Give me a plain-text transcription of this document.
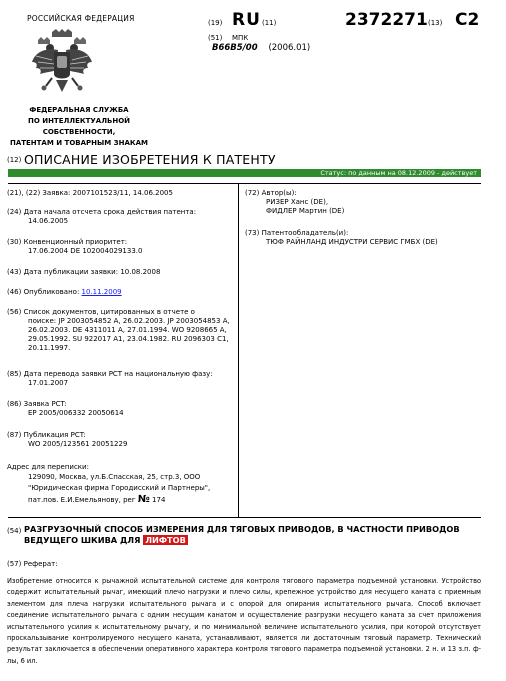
РОССИЙСКАЯ ФЕДЕРАЦИЯ
ФЕДЕРАЛЬНАЯ СЛУЖБА
ПО ИНТЕЛЛЕКТУАЛЬНОЙ СОБСТВЕННОСТИ,
ПАТЕНТАМ И ТОВАРНЫМ ЗНАКАМ
(19) RU (11)	2372271 (13) C2
(51) МПК
B66B5/00 (2006.01)
(12) ОПИСАНИЕ ИЗОБРЕТЕНИЯ К ПАТЕНТУ
Статус: по данным на 08.12.2009 - действует
(21), (22) Заявка: 2007101523/11, 14.06.2005
(24) Дата начала отсчета срока действия патента:
14.06.2005
(30) Конвенционный приоритет:
17.06.2004 DE 102004029133.0
(43) Дата публикации заявки: 10.08.2008
(46) Опубликовано: 10.11.2009
(56) Список документов, цитированных в отчете о
поиске: JP 2003054852 A, 26.02.2003. JP 2003054853 A,
26.02.2003. DE 4311011 A, 27.01.1994. WO 9208665 A,
29.05.1992. SU 922017 A1, 23.04.1982. RU 2096303 C1,
20.11.1997.
(85) Дата перевода заявки PCT на национальную фазу:
17.01.2007
(86) Заявка PCT:
EP 2005/006332 20050614
(87) Публикация PCT:
WO 2005/123561 20051229
Адрес для переписки:
129090, Москва, ул.Б.Спасская, 25, стр.3, ООО
"Юридическая фирма Городисский и Партнеры",
пат.пов. Е.И.Емельянову, рег № 174
(72) Автор(ы):
РИЗЕР Ханс (DE),
ФИДЛЕР Мартин (DE)
(73) Патентообладатель(и):
ТЮФ РАЙНЛАНД ИНДУСТРИ СЕРВИС ГМБХ (DE)
(54) РАЗГРУЗОЧНЫЙ СПОСОБ ИЗМЕРЕНИЯ ДЛЯ ТЯГОВЫХ ПРИВОДОВ, В ЧАСТНОСТИ ПРИВОДОВ ВЕДУЩЕГО ШКИВА ДЛЯ ЛИФТОВ
(57) Реферат:
Изобретение относится к рычажной испытательной системе для контроля тягового параметра подъемной установки. Устройство содержит испытательный рычаг, имеющий плечо нагрузки и плечо силы, крепежное устройство для несущего каната с приемным элементом для плеча нагрузки испытательного рычага и с опорой для опирания испытательного рычага. Способ включает соединение испытательного рычага с одним несущим канатом и осуществление разгрузки несущего каната за счет приложения испытательного усилия к испытательному рычагу, и по минимальной величине испытательного усилия, при которой отсутствует проскальзывание контролируемого несущего каната, устанавливают, является ли достаточным тяговый параметр. Технический результат заключается в обеспечении оперативного характера контроля тягового параметра подъемной установки. 2 н. и 13 з.п. ф-лы, 6 ил.
